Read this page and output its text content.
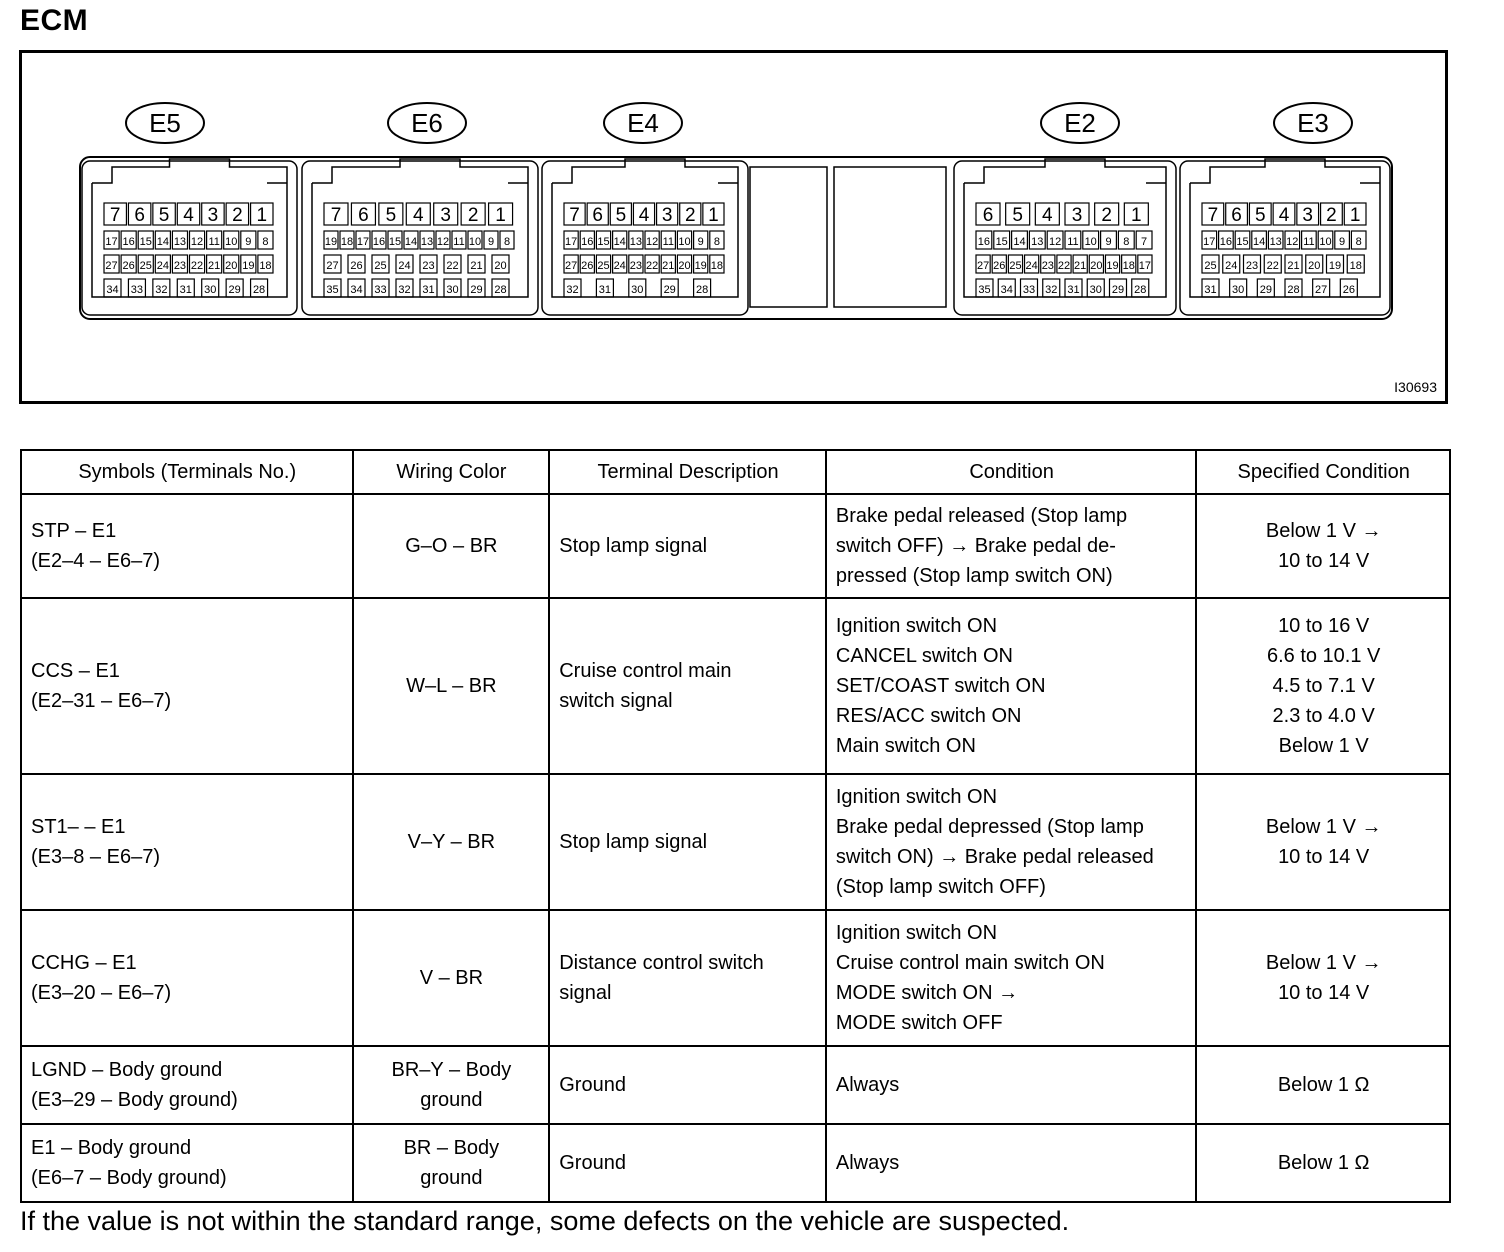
ECM
E5
7 6 5 4 3 2 1
17 16 15 14 13 12 11 10 9 8
27 26 25 24 23 22 21 20 19 18
34 33 32 31 30 29 28
E6
7 6 5 4 3 2 1
19 18 17 16 15 14 13 12 11 10 9 8
27 26 25 24 23 22 21 20
35 34 33 32 31 30 29 28
E4
7 6 5 4 3 2 1
17 16 15 14 13 12 11 10 9 8
27 26 25 24 23 22 21 20 19 18
32 31 30 29 28
E2
6 5 4 3 2 1
16 15 14 13 12 11 10 9 8 7
27 26 25 24 23 22 21 20 19 18 17
35 34 33 32 31 30 29 28
E3
7 6 5 4 3 2 1
17 16 15 14 13 12 11 10 9 8
25 24 23 22 21 20 19 18
31 30 29 28 27 26
I30693
Symbols (Terminals No.)	Wiring Color	Terminal Description	Condition	Specified Condition
STP – E1
(E2–4 – E6–7)	G–O – BR	Stop lamp signal	Brake pedal released (Stop lamp
switch OFF) → Brake pedal de-
pressed (Stop lamp switch ON)	Below 1 V →
10 to 14 V
CCS – E1
(E2–31 – E6–7)	W–L – BR	Cruise control main
switch signal	Ignition switch ON
CANCEL switch ON
SET/COAST switch ON
RES/ACC switch ON
Main switch ON	10 to 16 V
6.6 to 10.1 V
4.5 to 7.1 V
2.3 to 4.0 V
Below 1 V
ST1– – E1
(E3–8 – E6–7)	V–Y – BR	Stop lamp signal	Ignition switch ON
Brake pedal depressed (Stop lamp
switch ON) → Brake pedal released
(Stop lamp switch OFF)	Below 1 V →
10 to 14 V
CCHG – E1
(E3–20 – E6–7)	V – BR	Distance control switch
signal	Ignition switch ON
Cruise control main switch ON
MODE switch ON →
MODE switch OFF	Below 1 V →
10 to 14 V
LGND – Body ground
(E3–29 – Body ground)	BR–Y – Body
ground	Ground	Always	Below 1 Ω
E1 – Body ground
(E6–7 – Body ground)	BR – Body
ground	Ground	Always	Below 1 Ω
If the value is not within the standard range, some defects on the vehicle are suspected.
